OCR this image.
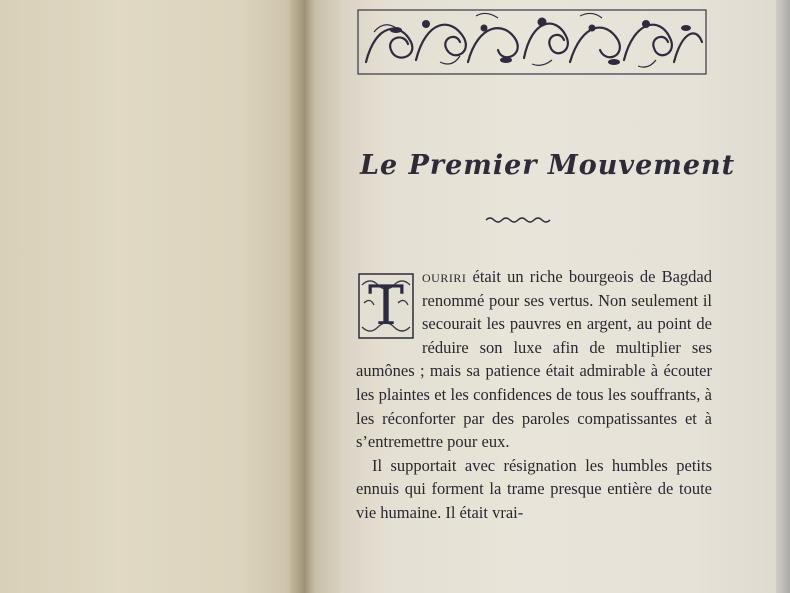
Le Premier Mouvement

T	ouriri était un riche bourgeois de Bagdad renommé pour ses vertus. Non seulement il secourait les pauvres en argent, au point de réduire son luxe afin de multiplier ses aumônes ; mais sa patience était admirable à écouter les plaintes et les confidences de tous les souffrants, à les réconforter par des paroles compatissantes et à s’entremettre pour eux.

Il supportait avec résignation les humbles petits ennuis qui forment la trame presque entière de toute vie humaine. Il était vrai-
